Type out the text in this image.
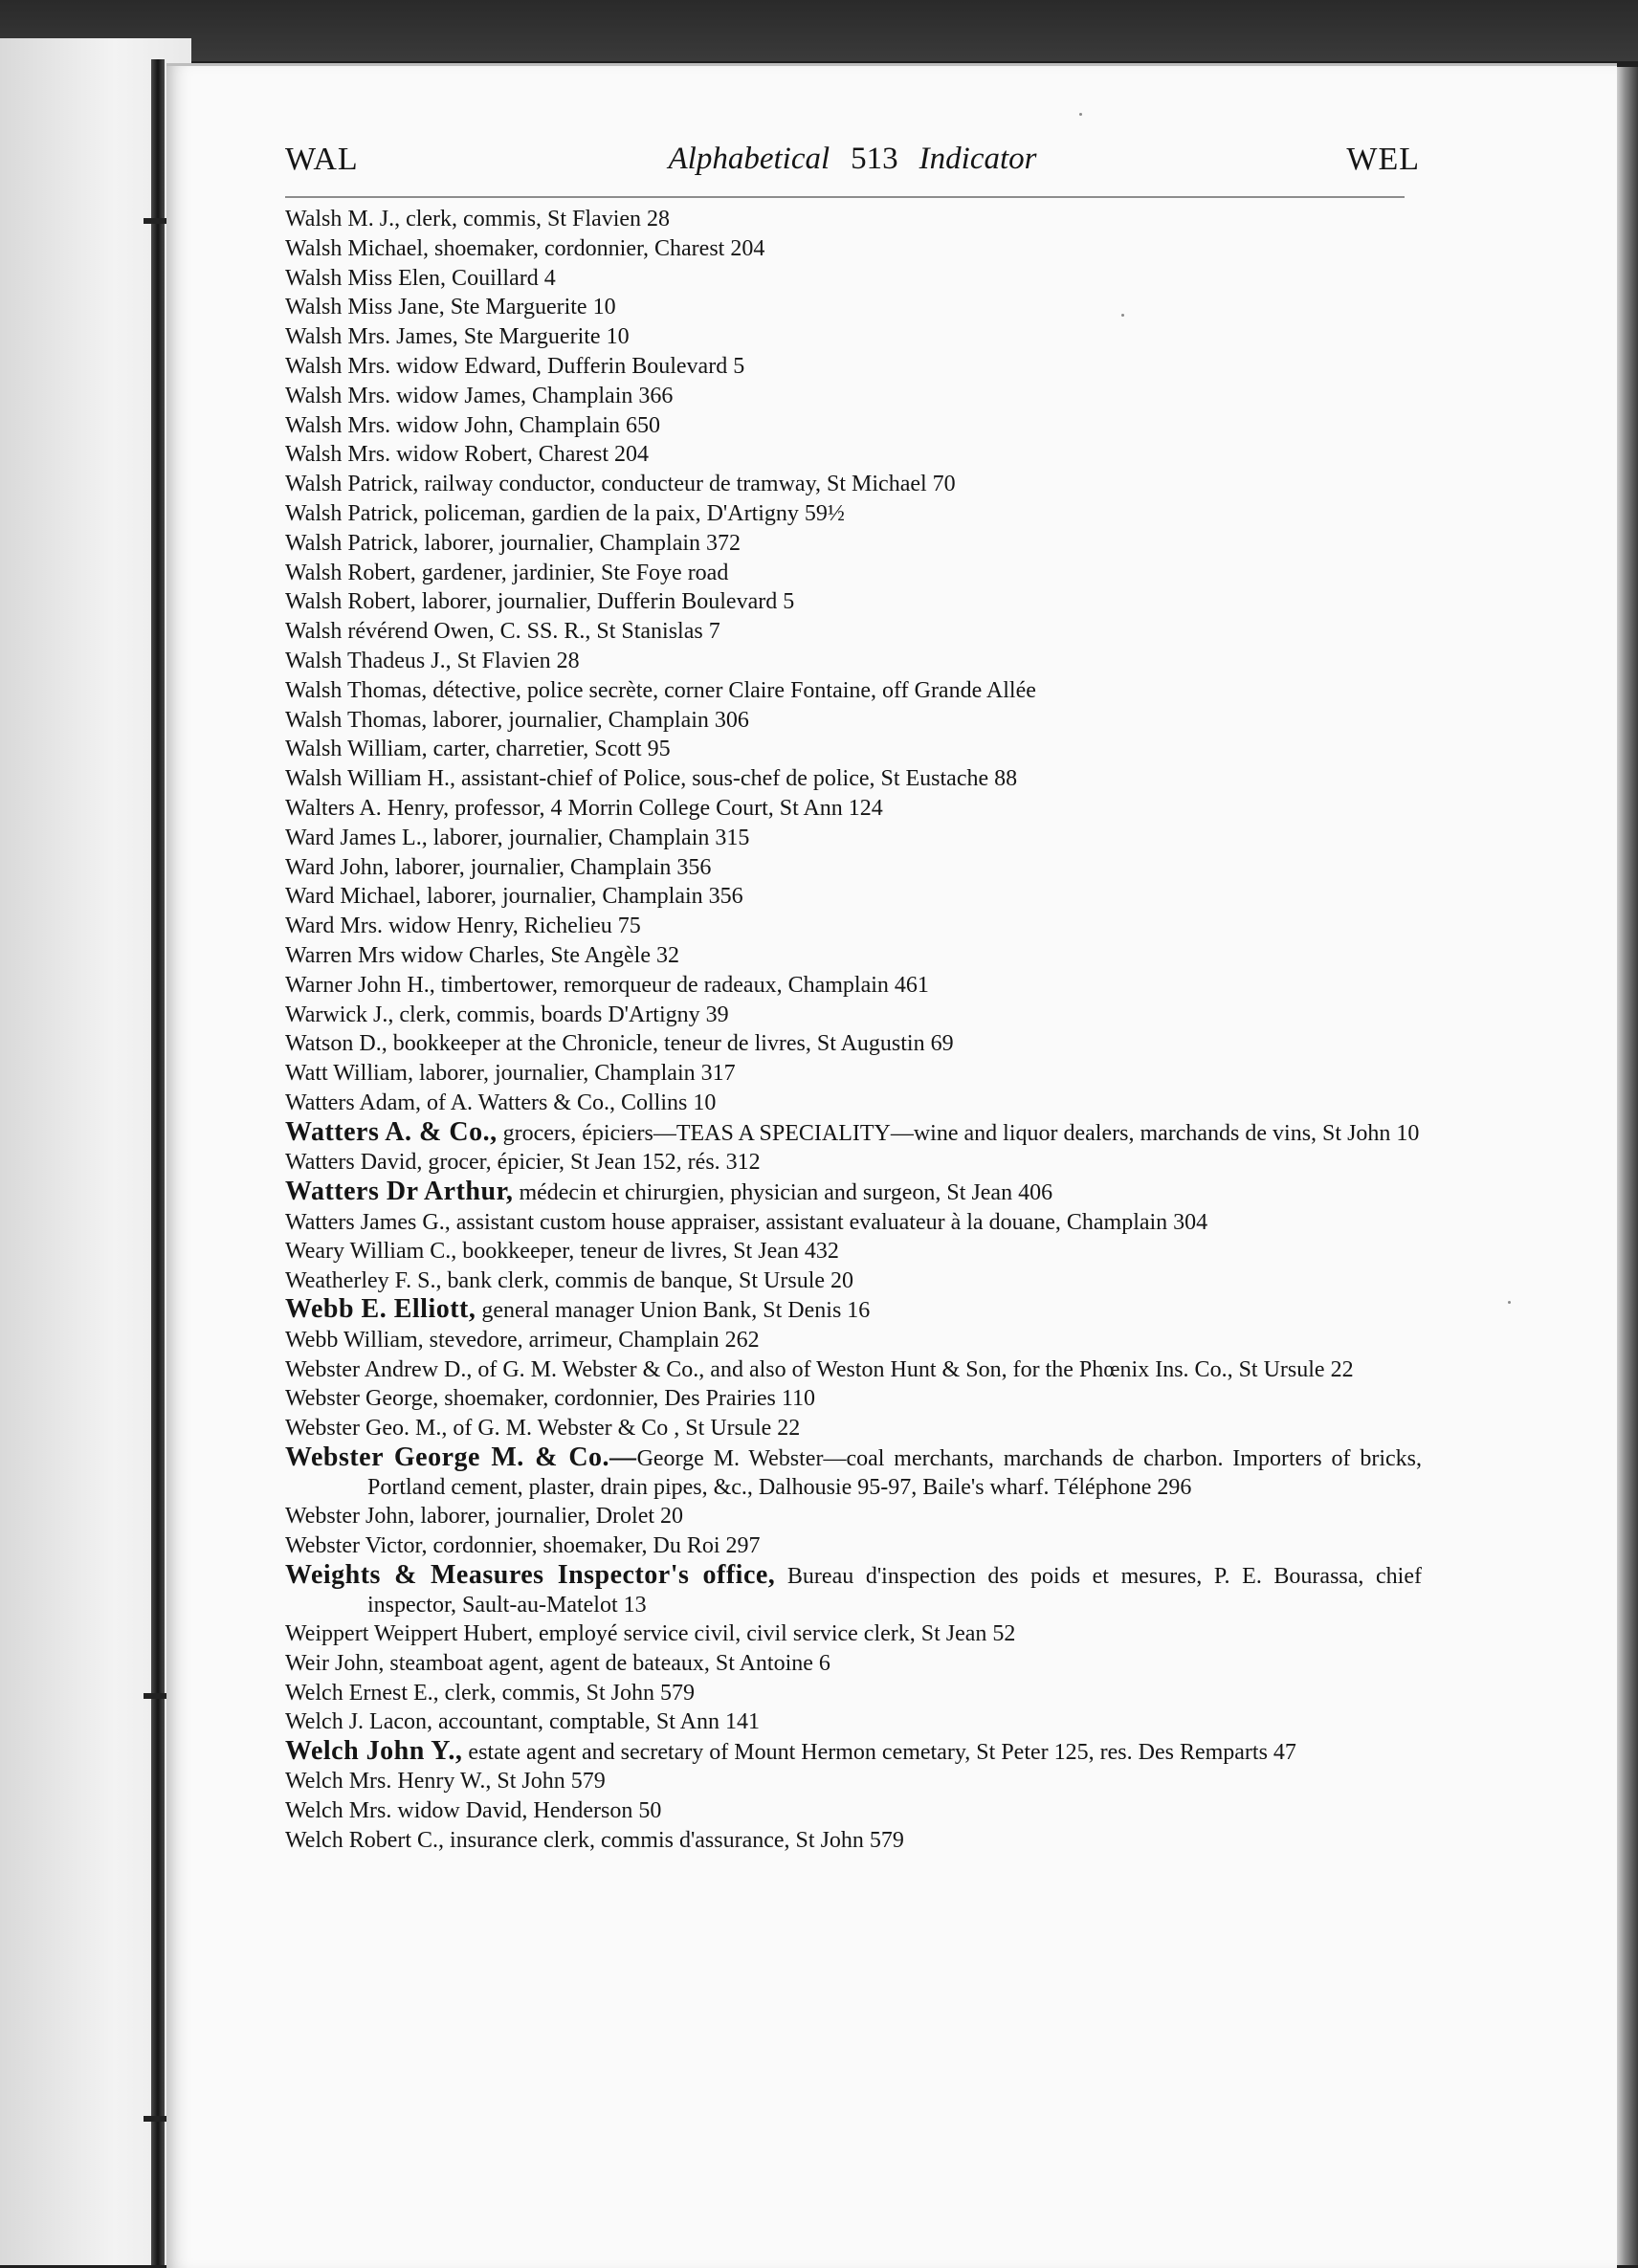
WAL	Alphabetical 513 Indicator	WEL
Walsh M. J., clerk, commis, St Flavien 28
Walsh Michael, shoemaker, cordonnier, Charest 204
Walsh Miss Elen, Couillard 4
Walsh Miss Jane, Ste Marguerite 10
Walsh Mrs. James, Ste Marguerite 10
Walsh Mrs. widow Edward, Dufferin Boulevard 5
Walsh Mrs. widow James, Champlain 366
Walsh Mrs. widow John, Champlain 650
Walsh Mrs. widow Robert, Charest 204
Walsh Patrick, railway conductor, conducteur de tramway, St Michael 70
Walsh Patrick, policeman, gardien de la paix, D'Artigny 59½
Walsh Patrick, laborer, journalier, Champlain 372
Walsh Robert, gardener, jardinier, Ste Foye road
Walsh Robert, laborer, journalier, Dufferin Boulevard 5
Walsh révérend Owen, C. SS. R., St Stanislas 7
Walsh Thadeus J., St Flavien 28
Walsh Thomas, détective, police secrète, corner Claire Fontaine, off Grande Allée
Walsh Thomas, laborer, journalier, Champlain 306
Walsh William, carter, charretier, Scott 95
Walsh William H., assistant-chief of Police, sous-chef de police, St Eustache 88
Walters A. Henry, professor, 4 Morrin College Court, St Ann 124
Ward James L., laborer, journalier, Champlain 315
Ward John, laborer, journalier, Champlain 356
Ward Michael, laborer, journalier, Champlain 356
Ward Mrs. widow Henry, Richelieu 75
Warren Mrs widow Charles, Ste Angèle 32
Warner John H., timbertower, remorqueur de radeaux, Champlain 461
Warwick J., clerk, commis, boards D'Artigny 39
Watson D., bookkeeper at the Chronicle, teneur de livres, St Augustin 69
Watt William, laborer, journalier, Champlain 317
Watters Adam, of A. Watters & Co., Collins 10
Watters A. & Co., grocers, épiciers—TEAS A SPECIALITY—wine and liquor dealers, marchands de vins, St John 10
Watters David, grocer, épicier, St Jean 152, rés. 312
Watters Dr Arthur, médecin et chirurgien, physician and surgeon, St Jean 406
Watters James G., assistant custom house appraiser, assistant evaluateur à la douane, Champlain 304
Weary William C., bookkeeper, teneur de livres, St Jean 432
Weatherley F. S., bank clerk, commis de banque, St Ursule 20
Webb E. Elliott, general manager Union Bank, St Denis 16
Webb William, stevedore, arrimeur, Champlain 262
Webster Andrew D., of G. M. Webster & Co., and also of Weston Hunt & Son, for the Phœnix Ins. Co., St Ursule 22
Webster George, shoemaker, cordonnier, Des Prairies 110
Webster Geo. M., of G. M. Webster & Co , St Ursule 22
Webster George M. & Co.—George M. Webster—coal merchants, marchands de charbon. Importers of bricks, Portland cement, plaster, drain pipes, &c., Dalhousie 95-97, Baile's wharf. Téléphone 296
Webster John, laborer, journalier, Drolet 20
Webster Victor, cordonnier, shoemaker, Du Roi 297
Weights & Measures Inspector's office, Bureau d'inspection des poids et mesures, P. E. Bourassa, chief inspector, Sault-au-Matelot 13
Weippert Weippert Hubert, employé service civil, civil service clerk, St Jean 52
Weir John, steamboat agent, agent de bateaux, St Antoine 6
Welch Ernest E., clerk, commis, St John 579
Welch J. Lacon, accountant, comptable, St Ann 141
Welch John Y., estate agent and secretary of Mount Hermon cemetary, St Peter 125, res. Des Remparts 47
Welch Mrs. Henry W., St John 579
Welch Mrs. widow David, Henderson 50
Welch Robert C., insurance clerk, commis d'assurance, St John 579
